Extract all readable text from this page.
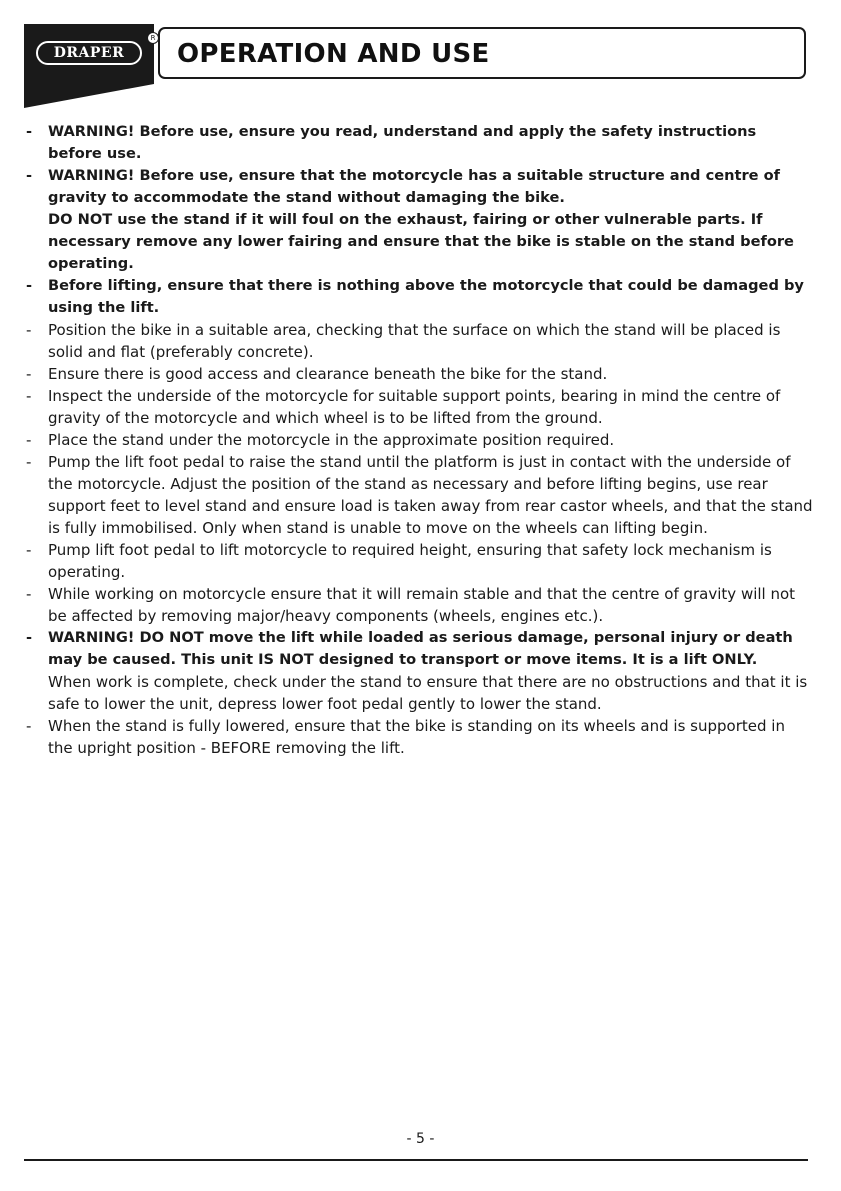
DRAPER
R
OPERATION AND USE
- WARNING! Before use, ensure you read, understand and apply the safety instructions before use.
- WARNING! Before use, ensure that the motorcycle has a suitable structure and centre of gravity to accommodate the stand without damaging the bike.
DO NOT use the stand if it will foul on the exhaust, fairing or other vulnerable parts. If necessary remove any lower fairing and ensure that the bike is stable on the stand before operating.
- Before lifting, ensure that there is nothing above the motorcycle that could be damaged by using the lift.
- Position the bike in a suitable area, checking that the surface on which the stand will be placed is solid and flat (preferably concrete).
- Ensure there is good access and clearance beneath the bike for the stand.
- Inspect the underside of the motorcycle for suitable support points, bearing in mind the centre of gravity of the motorcycle and which wheel is to be lifted from the ground.
- Place the stand under the motorcycle in the approximate position required.
- Pump the lift foot pedal to raise the stand until the platform is just in contact with the underside of the motorcycle. Adjust the position of the stand as necessary and before lifting begins, use rear support feet to level stand and ensure load is taken away from rear castor wheels, and that the stand is fully immobilised. Only when stand is unable to move on the wheels can lifting begin.
- Pump lift foot pedal to lift motorcycle to required height, ensuring that safety lock mechanism is operating.
- While working on motorcycle ensure that it will remain stable and that the centre of gravity will not be affected by removing major/heavy components (wheels, engines etc.).
- WARNING! DO NOT move the lift while loaded as serious damage, personal injury or death may be caused. This unit IS NOT designed to transport or move items. It is a lift ONLY.
When work is complete, check under the stand to ensure that there are no obstructions and that it is safe to lower the unit, depress lower foot pedal gently to lower the stand.
- When the stand is fully lowered, ensure that the bike is standing on its wheels and is supported in the upright position - BEFORE removing the lift.
- 5 -
